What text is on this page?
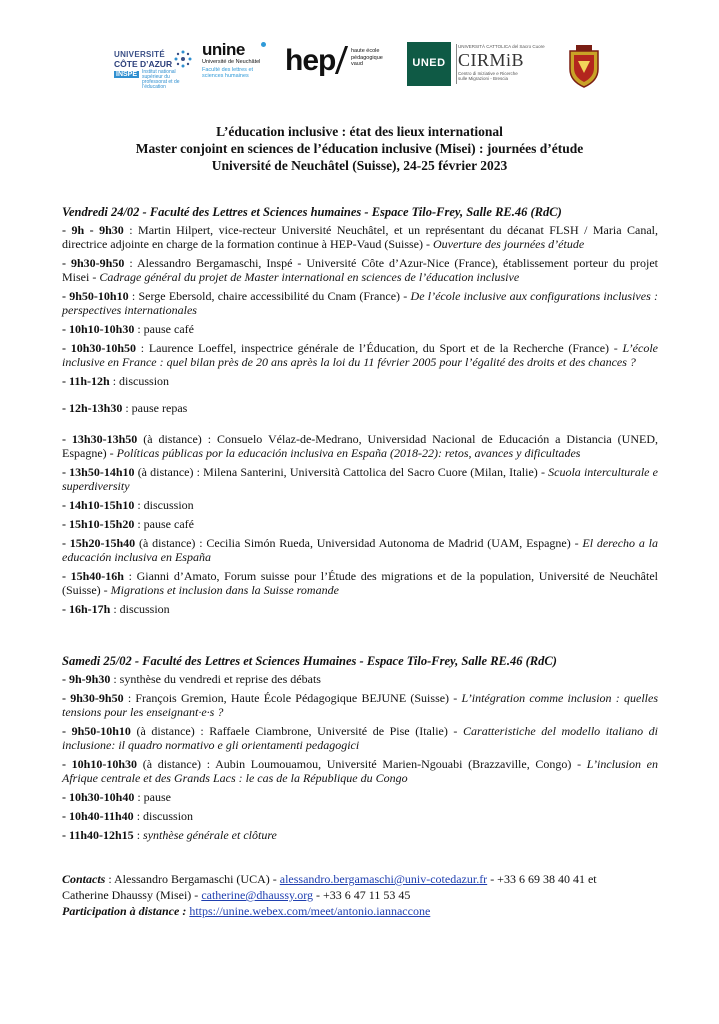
UNIVERSITÉ
CÔTE D’AZUR
INSPÉ Institut national supérieur du professorat et de l’éducation
unine
Université de Neuchâtel
Faculté des lettres et sciences humaines	hep	haute école pédagogique vaud	UNED
UNIVERSITÀ CATTOLICA del Sacro Cuore
CIRMiB
Centro di Iniziative e Ricerche sulle Migrazioni - Brescia
L’éducation inclusive : état des lieux international
Master conjoint en sciences de l’éducation inclusive (Misei) : journées d’étude
Université de Neuchâtel (Suisse), 24-25 février 2023
Vendredi 24/02 - Faculté des Lettres et Sciences humaines - Espace Tilo-Frey, Salle RE.46 (RdC)
- 9h - 9h30 : Martin Hilpert, vice-recteur Université Neuchâtel, et un représentant du décanat FLSH / Maria Canal, directrice adjointe en charge de la formation continue à HEP-Vaud (Suisse) - Ouverture des journées d’étude
- 9h30-9h50 : Alessandro Bergamaschi, Inspé - Université Côte d’Azur-Nice (France), établissement porteur du projet Misei - Cadrage général du projet de Master international en sciences de l’éducation inclusive
- 9h50-10h10 : Serge Ebersold, chaire accessibilité du Cnam (France) - De l’école inclusive aux configurations inclusives : perspectives internationales
- 10h10-10h30 : pause café
- 10h30-10h50 : Laurence Loeffel, inspectrice générale de l’Éducation, du Sport et de la Recherche (France) - L’école inclusive en France : quel bilan près de 20 ans après la loi du 11 février 2005 pour l’égalité des droits et des chances ?
- 11h-12h : discussion
- 12h-13h30 : pause repas
- 13h30-13h50 (à distance) : Consuelo Vélaz-de-Medrano, Universidad Nacional de Educación a Distancia (UNED, Espagne) - Políticas públicas por la educación inclusiva en España (2018-22): retos, avances y dificultades
- 13h50-14h10 (à distance) : Milena Santerini, Università Cattolica del Sacro Cuore (Milan, Italie) - Scuola interculturale e superdiversity
- 14h10-15h10 : discussion
- 15h10-15h20 : pause café
- 15h20-15h40 (à distance) : Cecilia Simón Rueda, Universidad Autonoma de Madrid (UAM, Espagne) - El derecho a la educación inclusiva en España
- 15h40-16h : Gianni d’Amato, Forum suisse pour l’Étude des migrations et de la population, Université de Neuchâtel (Suisse) - Migrations et inclusion dans la Suisse romande
- 16h-17h : discussion
Samedi 25/02 - Faculté des Lettres et Sciences Humaines - Espace Tilo-Frey, Salle RE.46 (RdC)
- 9h-9h30 : synthèse du vendredi et reprise des débats
- 9h30-9h50 : François Gremion, Haute École Pédagogique BEJUNE (Suisse) - L’intégration comme inclusion : quelles tensions pour les enseignant·e·s ?
- 9h50-10h10 (à distance) : Raffaele Ciambrone, Université de Pise (Italie) - Caratteristiche del modello italiano di inclusione: il quadro normativo e gli orientamenti pedagogici
- 10h10-10h30 (à distance) : Aubin Loumouamou, Université Marien-Ngouabi (Brazzaville, Congo) - L’inclusion en Afrique centrale et des Grands Lacs : le cas de la République du Congo
- 10h30-10h40 : pause
- 10h40-11h40 : discussion
- 11h40-12h15 : synthèse générale et clôture
Contacts : Alessandro Bergamaschi (UCA) - alessandro.bergamaschi@univ-cotedazur.fr - +33 6 69 38 40 41 et
Catherine Dhaussy (Misei) - catherine@dhaussy.org - +33 6 47 11 53 45
Participation à distance : https://unine.webex.com/meet/antonio.iannaccone
